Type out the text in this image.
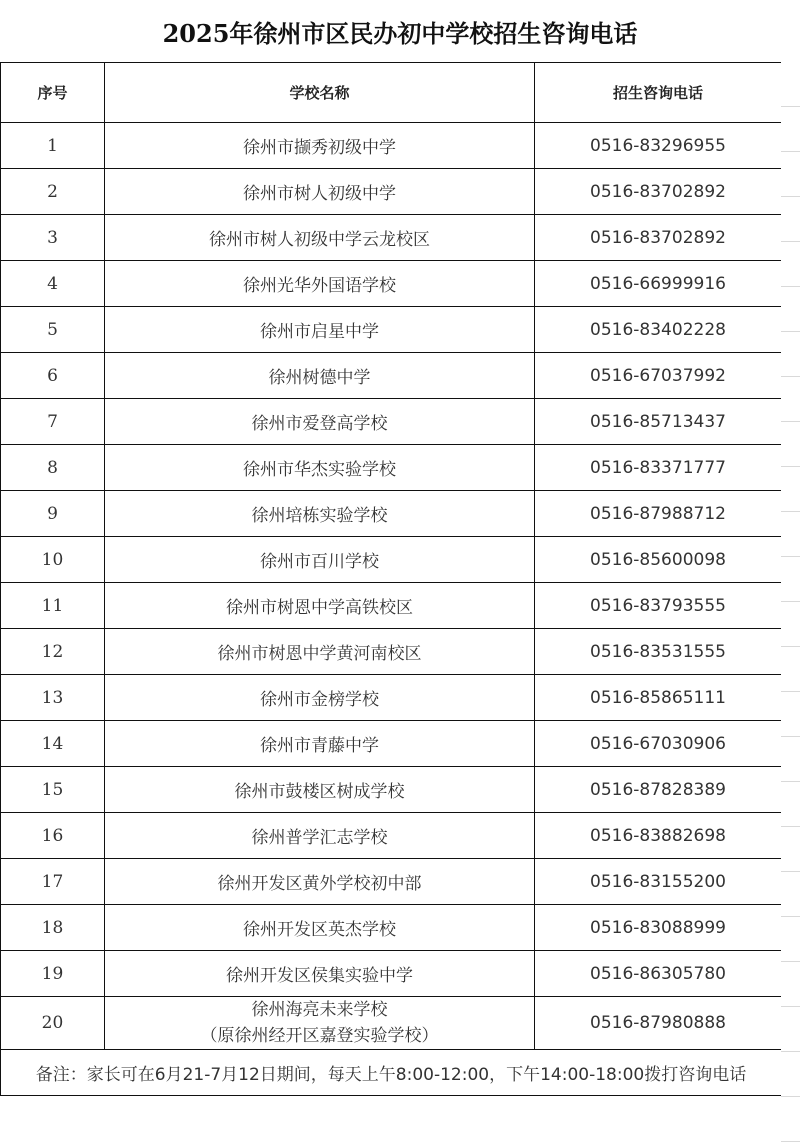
2025年徐州市区民办初中学校招生咨询电话
序号	学校名称	招生咨询电话
1	徐州市撷秀初级中学	0516-83296955
2	徐州市树人初级中学	0516-83702892
3	徐州市树人初级中学云龙校区	0516-83702892
4	徐州光华外国语学校	0516-66999916
5	徐州市启星中学	0516-83402228
6	徐州树德中学	0516-67037992
7	徐州市爱登高学校	0516-85713437
8	徐州市华杰实验学校	0516-83371777
9	徐州培栋实验学校	0516-87988712
10	徐州市百川学校	0516-85600098
11	徐州市树恩中学高铁校区	0516-83793555
12	徐州市树恩中学黄河南校区	0516-83531555
13	徐州市金榜学校	0516-85865111
14	徐州市青藤中学	0516-67030906
15	徐州市鼓楼区树成学校	0516-87828389
16	徐州普学汇志学校	0516-83882698
17	徐州开发区黄外学校初中部	0516-83155200
18	徐州开发区英杰学校	0516-83088999
19	徐州开发区侯集实验中学	0516-86305780
20	徐州海亮未来学校
（原徐州经开区嘉登实验学校）	0516-87980888
备注：家长可在6月21-7月12日期间，每天上午8:00-12:00，下午14:00-18:00拨打咨询电话		
